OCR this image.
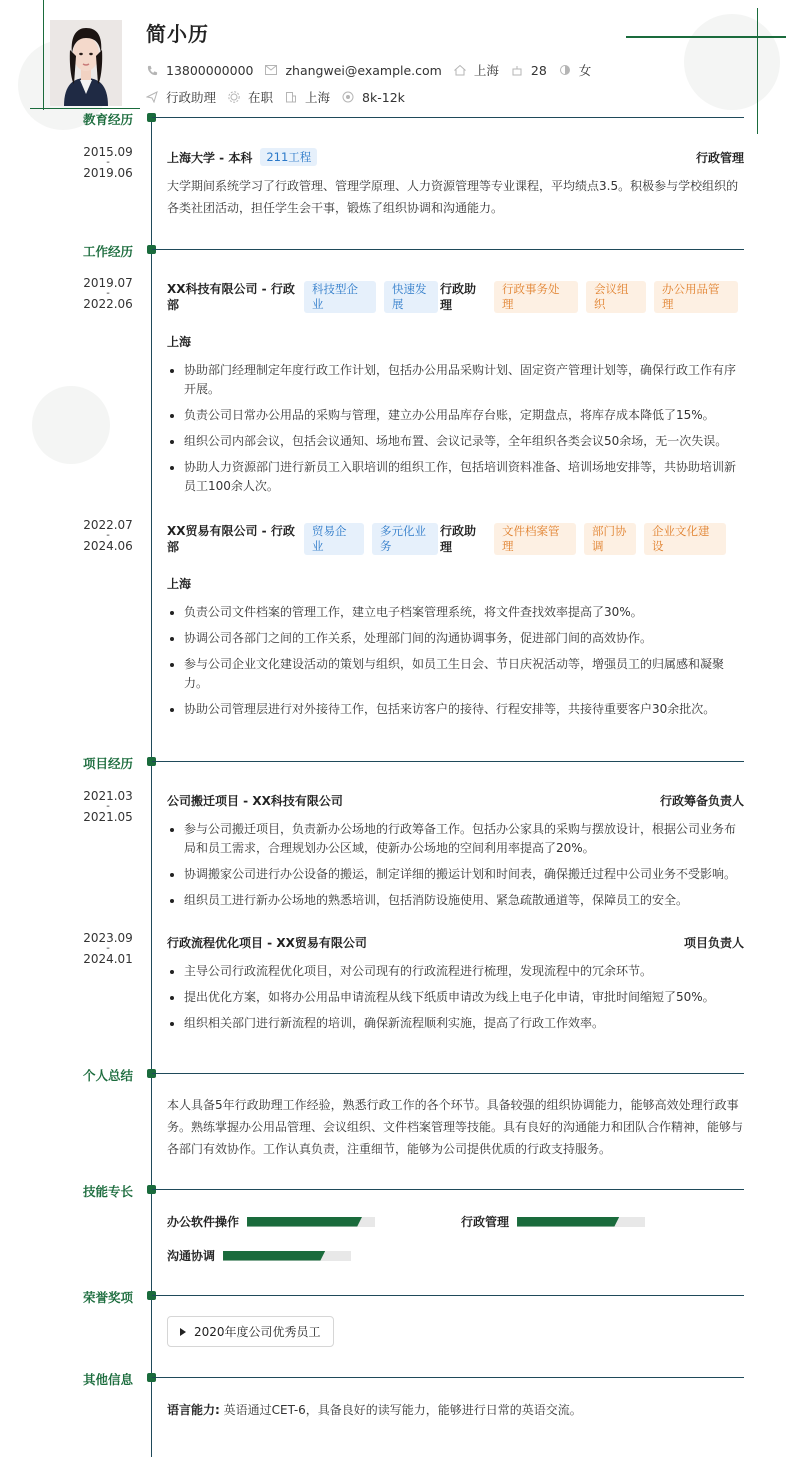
简小历
13800000000	zhangwei@example.com	上海	28	女
行政助理	在职	上海	8k-12k
教育经历
2015.09
-
2019.06
上海大学 - 本科	211工程	行政管理
大学期间系统学习了行政管理、管理学原理、人力资源管理等专业课程，平均绩点3.5。积极参与学校组织的各类社团活动，担任学生会干事，锻炼了组织协调和沟通能力。
工作经历
2019.07
-
2022.06
XX科技有限公司 - 行政部
科技型企业
快速发展
行政助理
行政事务处理
会议组织
办公用品管理
上海
协助部门经理制定年度行政工作计划，包括办公用品采购计划、固定资产管理计划等，确保行政工作有序开展。
负责公司日常办公用品的采购与管理，建立办公用品库存台账，定期盘点，将库存成本降低了15%。
组织公司内部会议，包括会议通知、场地布置、会议记录等，全年组织各类会议50余场，无一次失误。
协助人力资源部门进行新员工入职培训的组织工作，包括培训资料准备、培训场地安排等，共协助培训新员工100余人次。
2022.07
-
2024.06
XX贸易有限公司 - 行政部
贸易企业
多元化业务
行政助理
文件档案管理
部门协调
企业文化建设
上海
负责公司文件档案的管理工作，建立电子档案管理系统，将文件查找效率提高了30%。
协调公司各部门之间的工作关系，处理部门间的沟通协调事务，促进部门间的高效协作。
参与公司企业文化建设活动的策划与组织，如员工生日会、节日庆祝活动等，增强员工的归属感和凝聚力。
协助公司管理层进行对外接待工作，包括来访客户的接待、行程安排等，共接待重要客户30余批次。
项目经历
2021.03
-
2021.05
公司搬迁项目 - XX科技有限公司	行政筹备负责人
参与公司搬迁项目，负责新办公场地的行政筹备工作。包括办公家具的采购与摆放设计，根据公司业务布局和员工需求，合理规划办公区域，使新办公场地的空间利用率提高了20%。
协调搬家公司进行办公设备的搬运，制定详细的搬运计划和时间表，确保搬迁过程中公司业务不受影响。
组织员工进行新办公场地的熟悉培训，包括消防设施使用、紧急疏散通道等，保障员工的安全。
2023.09
-
2024.01
行政流程优化项目 - XX贸易有限公司	项目负责人
主导公司行政流程优化项目，对公司现有的行政流程进行梳理，发现流程中的冗余环节。
提出优化方案，如将办公用品申请流程从线下纸质申请改为线上电子化申请，审批时间缩短了50%。
组织相关部门进行新流程的培训，确保新流程顺利实施，提高了行政工作效率。
个人总结
本人具备5年行政助理工作经验，熟悉行政工作的各个环节。具备较强的组织协调能力，能够高效处理行政事务。熟练掌握办公用品管理、会议组织、文件档案管理等技能。具有良好的沟通能力和团队合作精神，能够与各部门有效协作。工作认真负责，注重细节，能够为公司提供优质的行政支持服务。
技能专长
办公软件操作	行政管理
沟通协调
荣誉奖项
2020年度公司优秀员工
其他信息
语言能力: 英语通过CET-6，具备良好的读写能力，能够进行日常的英语交流。
